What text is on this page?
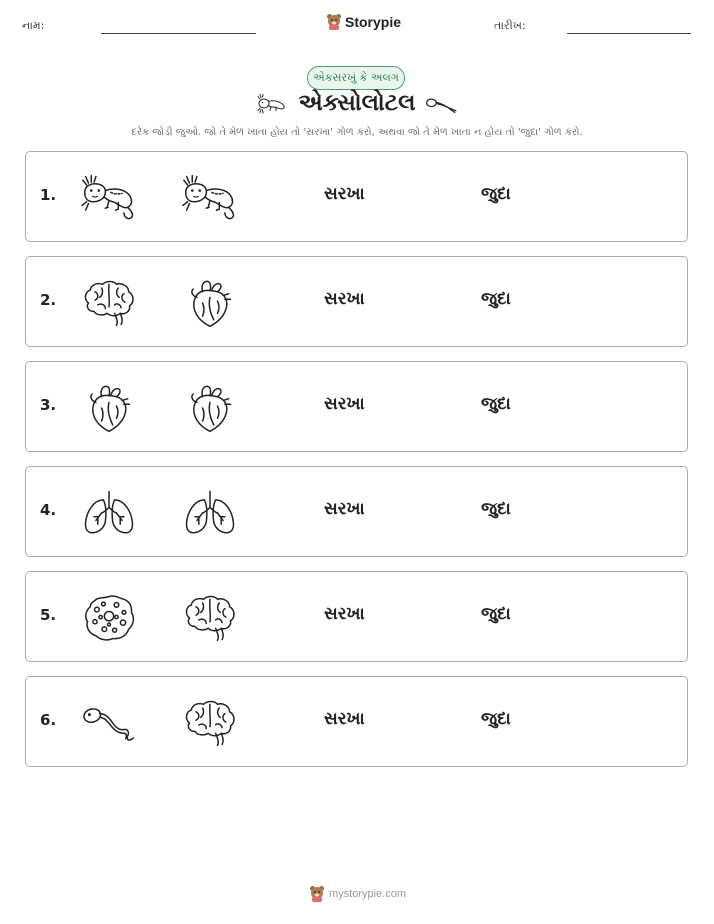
નામ:	Storypie	તારીખ:
એકસરખું કે અલગ
એક્સોલોટલ
દરેક જોડી જુઓ. જો તે મેળ ખાતા હોય તો 'સરખા' ગોળ કરો, અથવા જો તે મેળ ખાતા ન હોય તો 'જુદા' ગોળ કરો.
1.	સરખા	જુદા
2.	સરખા	જુદા
3.	સરખા	જુદા
4.	સરખા	જુદા
5.	સરખા	જુદા
6.	સરખા	જુદા
mystorypie.com
